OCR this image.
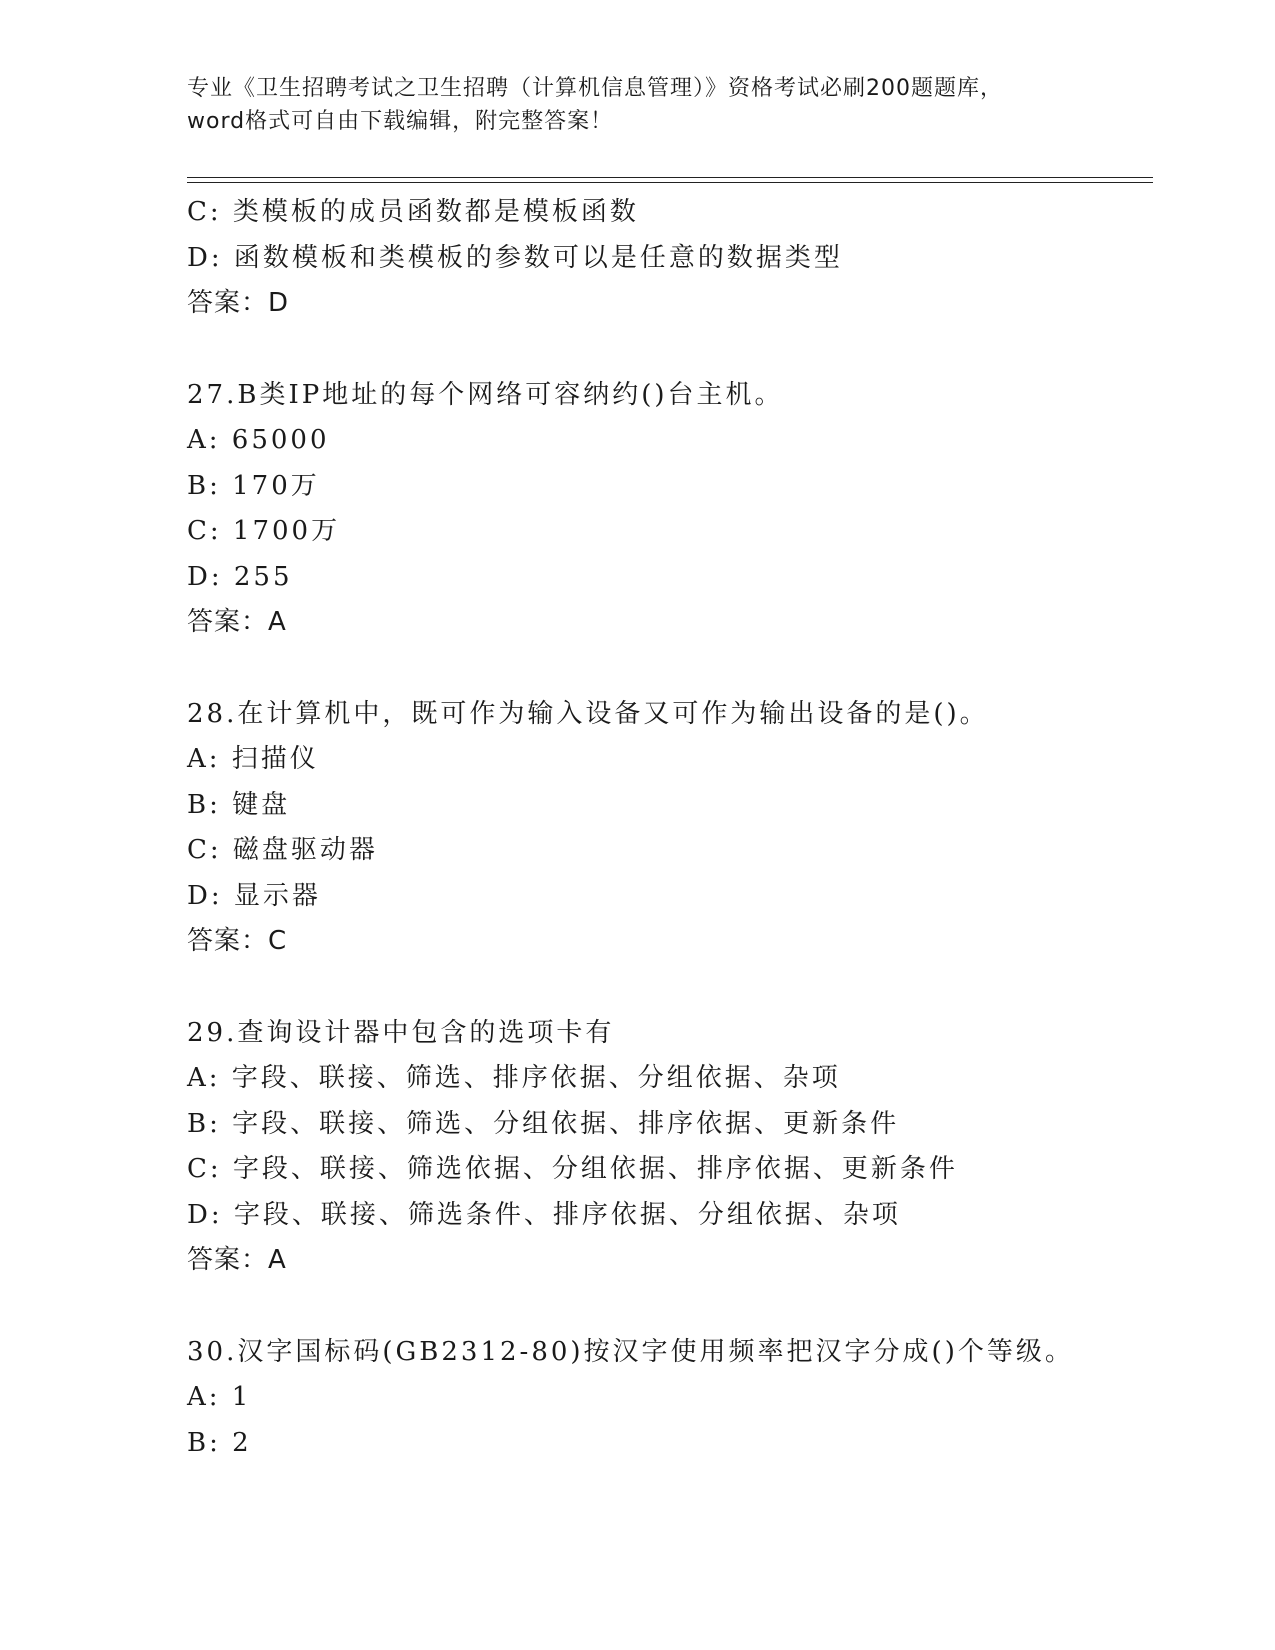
专业《卫生招聘考试之卫生招聘（计算机信息管理）》资格考试必刷200题题库，
word格式可自由下载编辑，附完整答案！
C: 类模板的成员函数都是模板函数
D: 函数模板和类模板的参数可以是任意的数据类型
答案：D
27.B类IP地址的每个网络可容纳约()台主机。
A: 65000
B: 170万
C: 1700万
D: 255
答案：A
28.在计算机中，既可作为输入设备又可作为输出设备的是()。
A: 扫描仪
B: 键盘
C: 磁盘驱动器
D: 显示器
答案：C
29.查询设计器中包含的选项卡有
A: 字段、联接、筛选、排序依据、分组依据、杂项
B: 字段、联接、筛选、分组依据、排序依据、更新条件
C: 字段、联接、筛选依据、分组依据、排序依据、更新条件
D: 字段、联接、筛选条件、排序依据、分组依据、杂项
答案：A
30.汉字国标码(GB2312-80)按汉字使用频率把汉字分成()个等级。
A: 1
B: 2
